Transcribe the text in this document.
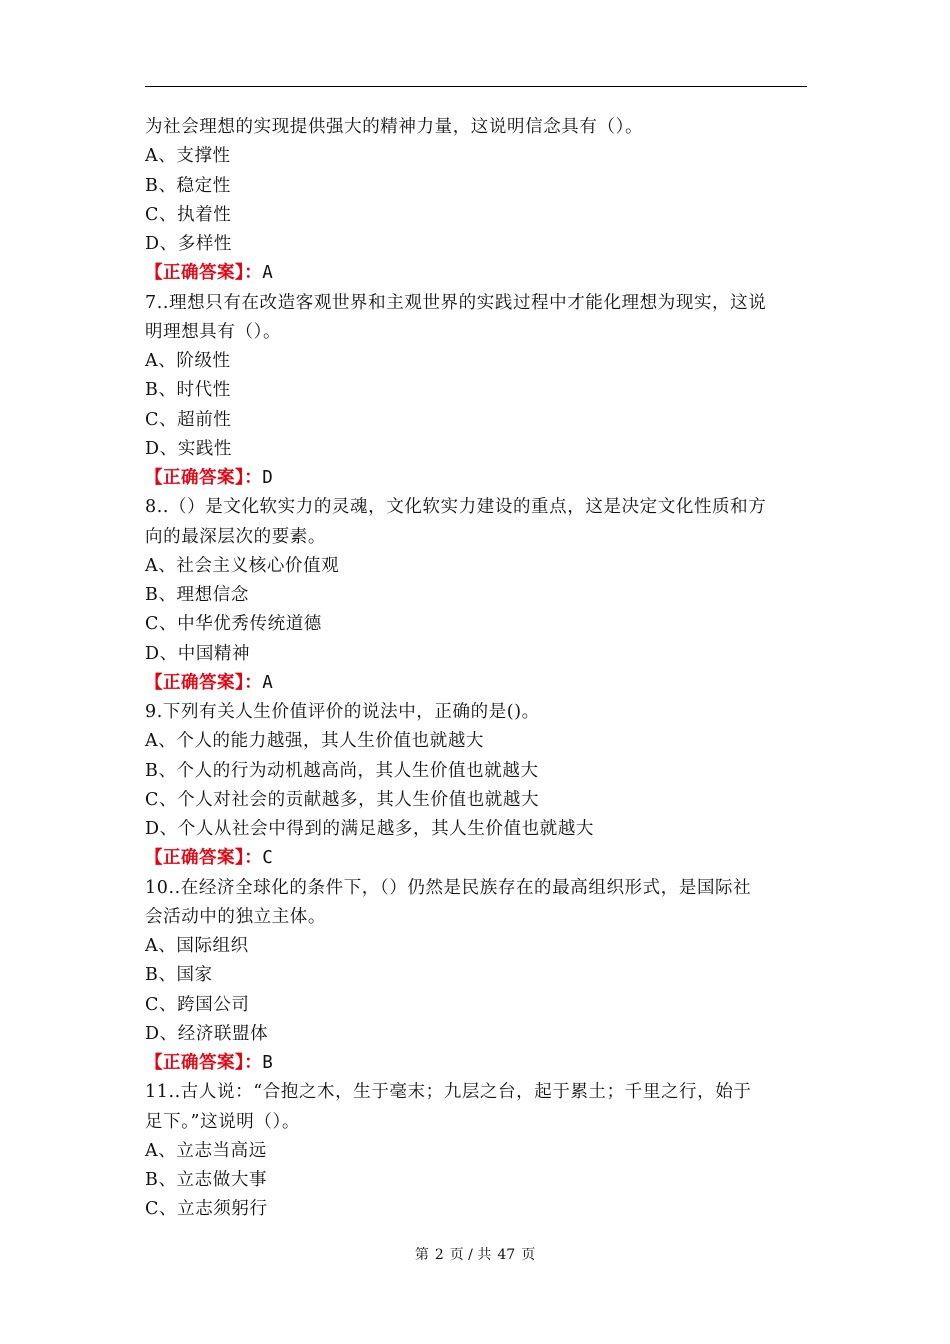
为社会理想的实现提供强大的精神力量，这说明信念具有（）。
A、支撑性
B、稳定性
C、执着性
D、多样性
【正确答案】：A
7..理想只有在改造客观世界和主观世界的实践过程中才能化理想为现实，这说
明理想具有（）。
A、阶级性
B、时代性
C、超前性
D、实践性
【正确答案】：D
8..（）是文化软实力的灵魂，文化软实力建设的重点，这是决定文化性质和方
向的最深层次的要素。
A、社会主义核心价值观
B、理想信念
C、中华优秀传统道德
D、中国精神
【正确答案】：A
9.下列有关人生价值评价的说法中，正确的是()。
A、个人的能力越强，其人生价值也就越大
B、个人的行为动机越高尚，其人生价值也就越大
C、个人对社会的贡献越多，其人生价值也就越大
D、个人从社会中得到的满足越多，其人生价值也就越大
【正确答案】：C
10..在经济全球化的条件下，（）仍然是民族存在的最高组织形式，是国际社
会活动中的独立主体。
A、国际组织
B、国家
C、跨国公司
D、经济联盟体
【正确答案】：B
11..古人说：“合抱之木，生于毫末；九层之台，起于累土；千里之行，始于
足下。”这说明（）。
A、立志当高远
B、立志做大事
C、立志须躬行
第 2 页 / 共 47 页
